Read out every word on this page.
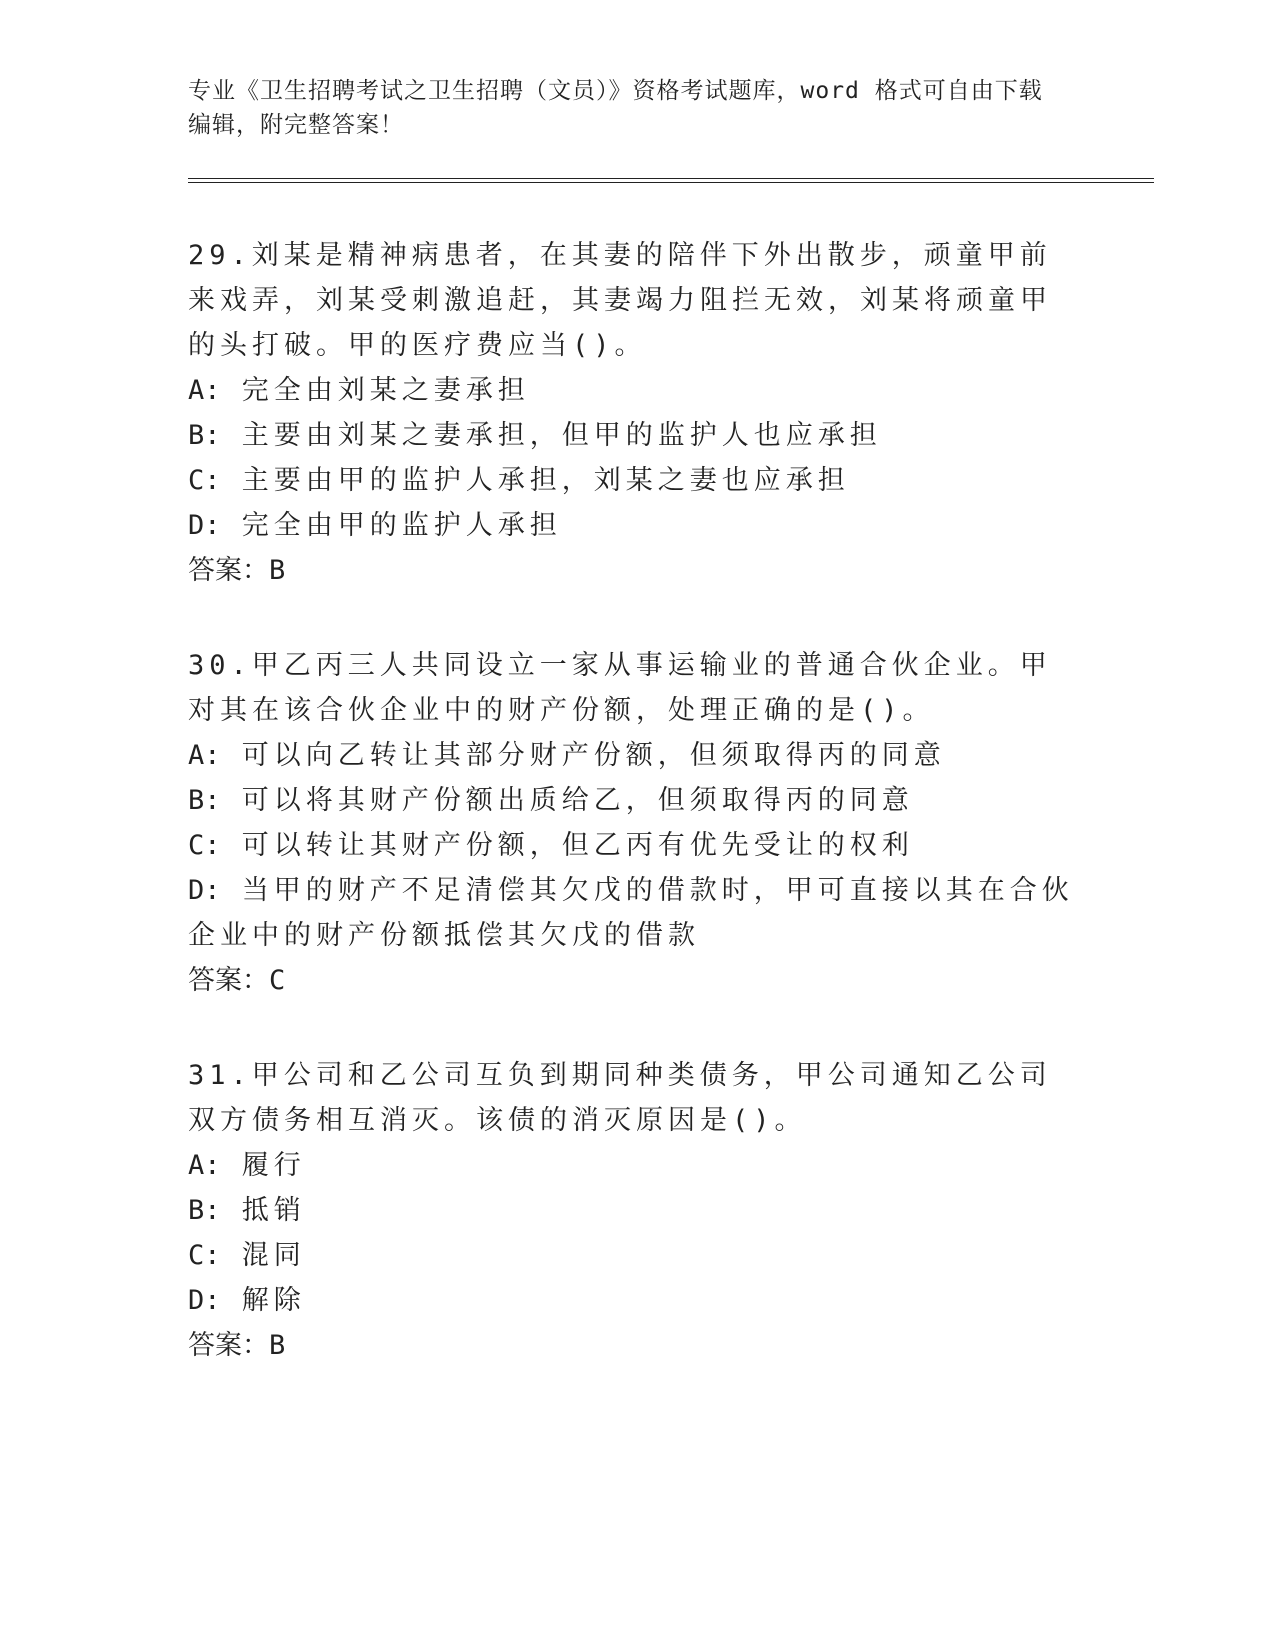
专业《卫生招聘考试之卫生招聘（文员）》资格考试题库，word 格式可自由下载
编辑，附完整答案！
29.刘某是精神病患者，在其妻的陪伴下外出散步，顽童甲前来戏弄，刘某受刺激追赶，其妻竭力阻拦无效，刘某将顽童甲的头打破。甲的医疗费应当()。
A: 完全由刘某之妻承担
B: 主要由刘某之妻承担，但甲的监护人也应承担
C: 主要由甲的监护人承担，刘某之妻也应承担
D: 完全由甲的监护人承担
答案：B
30.甲乙丙三人共同设立一家从事运输业的普通合伙企业。甲对其在该合伙企业中的财产份额，处理正确的是()。
A: 可以向乙转让其部分财产份额，但须取得丙的同意
B: 可以将其财产份额出质给乙，但须取得丙的同意
C: 可以转让其财产份额，但乙丙有优先受让的权利
D: 当甲的财产不足清偿其欠戊的借款时，甲可直接以其在合伙企业中的财产份额抵偿其欠戊的借款
答案：C
31.甲公司和乙公司互负到期同种类债务，甲公司通知乙公司双方债务相互消灭。该债的消灭原因是()。
A: 履行
B: 抵销
C: 混同
D: 解除
答案：B
